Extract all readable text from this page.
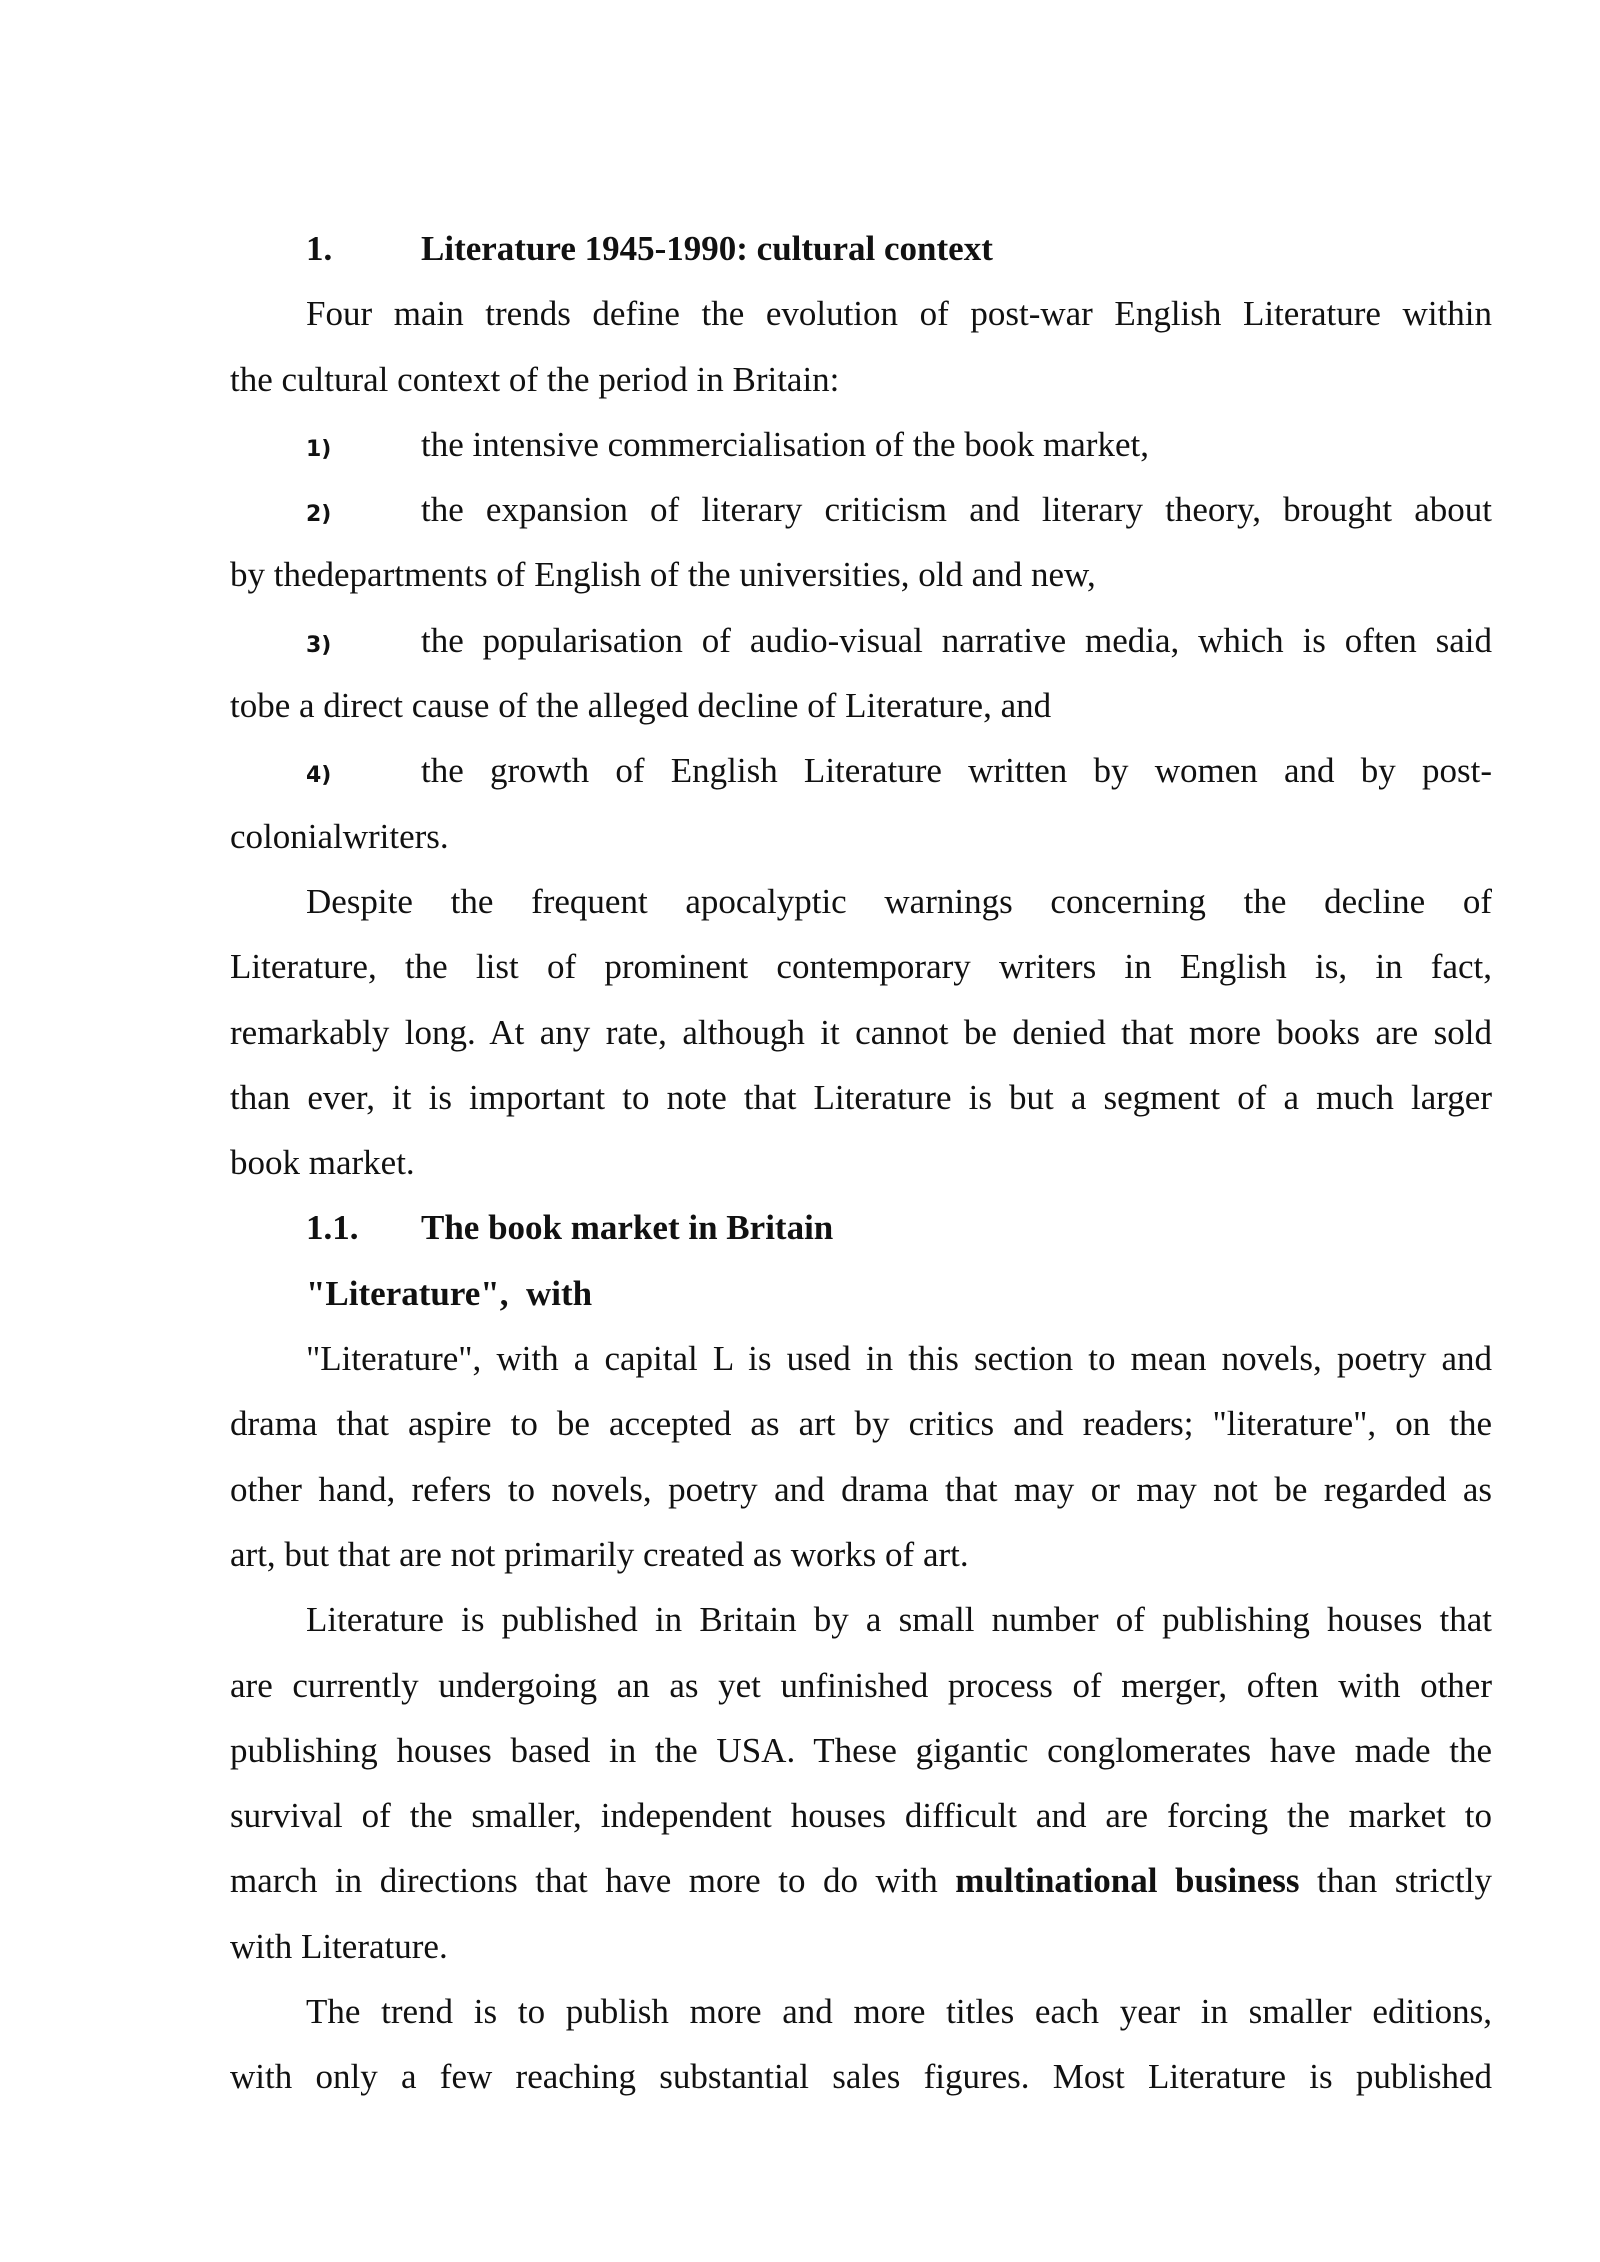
1.	Literature 1945-1990: cultural context
Four main trends define the evolution of post-war English Literature within
the cultural context of the period in Britain:
1)	the intensive commercialisation of the book market,
2)	the expansion of literary criticism and literary theory, brought about
by thedepartments of English of the universities, old and new,
3)	the popularisation of audio-visual narrative media, which is often said
tobe a direct cause of the alleged decline of Literature, and
4)	the growth of English Literature written by women and by post-
colonialwriters.
Despite the frequent apocalyptic warnings concerning the decline of
Literature, the list of prominent contemporary writers in English is, in fact,
remarkably long. At any rate, although it cannot be denied that more books are sold
than ever, it is important to note that Literature is but a segment of a much larger
book market.
1.1.	The book market in Britain
"Literature",  with
"Literature", with a capital L is used in this section to mean novels, poetry and
drama that aspire to be accepted as art by critics and readers; "literature", on the
other hand, refers to novels, poetry and drama that may or may not be regarded as
art, but that are not primarily created as works of art.
Literature is published in Britain by a small number of publishing houses that
are currently undergoing an as yet unfinished process of merger, often with other
publishing houses based in the USA. These gigantic conglomerates have made the
survival of the smaller, independent houses difficult and are forcing the market to
march in directions that have more to do with multinational business than strictly
with Literature.
The trend is to publish more and more titles each year in smaller editions,
with only a few reaching substantial sales figures. Most Literature is published
